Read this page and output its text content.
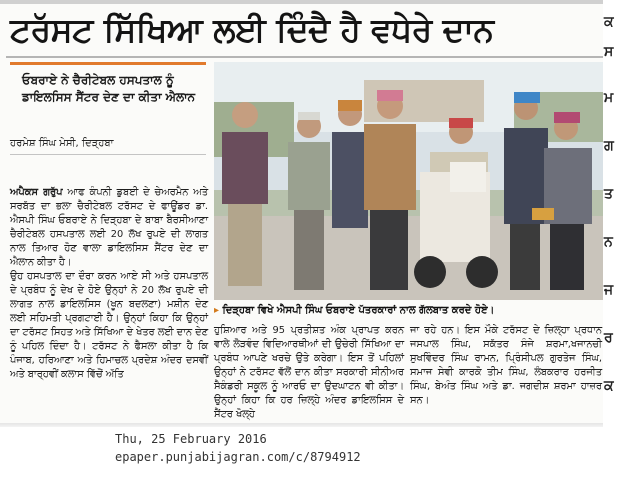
ਟਰੱਸਟ ਸਿੱਖਿਆ ਲਈ ਦਿੰਦੈ ਹੈ ਵਧੇਰੇ ਦਾਨ
ਓਬਰਾਏ ਨੇ ਚੈਰੀਟੇਬਲ ਹਸਪਤਾਲ ਨੂੰ ਡਾਇਲਸਿਸ ਸੈਂਟਰ ਦੇਣ ਦਾ ਕੀਤਾ ਐਲਾਨ
ਹਰਮੇਸ਼ ਸਿੰਘ ਮੇਸੀ, ਦਿੜ੍ਹਬਾ

ਅਪੈਕਸ ਗਰੁੱਪ ਆਫ ਕੰਪਨੀ ਡੁਬਈ ਦੇ ਚੇਅਰਮੈਨ ਅਤੇ ਸਰਬੱਤ ਦਾ ਭਲਾ ਚੈਰੀਟੇਬਲ ਟਰੱਸਟ ਦੇ ਫਾਊਂਡਰ ਡਾ. ਐਸਪੀ ਸਿੰਘ ਓਬਰਾਏ ਨੇ ਦਿੜ੍ਹਬਾ ਦੇ ਬਾਬਾ ਬੈਰਸੀਆਣਾ ਚੈਰੀਟੇਬਲ ਹਸਪਤਾਲ ਲਈ 20 ਲੱਖ ਰੁਪਏ ਦੀ ਲਾਗਤ ਨਾਲ ਤਿਆਰ ਹੋਣ ਵਾਲਾ ਡਾਇਲਸਿਸ ਸੈਂਟਰ ਦੇਣ ਦਾ ਐਲਾਨ ਕੀਤਾ ਹੈ।

ਉਹ ਹਸਪਤਾਲ ਦਾ ਦੌਰਾ ਕਰਨ ਆਏ ਸੀ ਅਤੇ ਹਸਪਤਾਲ ਦੇ ਪ੍ਰਬੰਧ ਨੂੰ ਦੇਖ ਦੇ ਹੋਏ ਉਨ੍ਹਾਂ ਨੇ 20 ਲੱਖ ਰੁਪਏ ਦੀ ਲਾਗਤ ਨਾਲ ਡਾਇਲਸਿਸ (ਖੂਨ ਬਦਲਣਾ) ਮਸ਼ੀਨ ਦੇਣ ਲਈ ਸਹਿਮਤੀ ਪ੍ਰਗਟਾਈ ਹੈ। ਉਨ੍ਹਾਂ ਕਿਹਾ ਕਿ ਉਨ੍ਹਾਂ ਦਾ ਟਰੱਸਟ ਸਿਹਤ ਅਤੇ ਸਿੱਖਿਆ ਦੇ ਖੇਤਰ ਲਈ ਦਾਨ ਦੇਣ ਨੂੰ ਪਹਿਲ ਦਿੰਦਾ ਹੈ। ਟਰੱਸਟ ਨੇ ਫੈਸਲਾ ਕੀਤਾ ਹੈ ਕਿ ਪੰਜਾਬ, ਹਰਿਆਣਾ ਅਤੇ ਹਿਮਾਚਲ ਪ੍ਰਦੇਸ਼ ਅੰਦਰ ਦਸਵੀਂ ਅਤੇ ਬਾਰ੍ਹਵੀਂ ਕਲਾਸ ਵਿੱਚੋਂ ਅੱਤਿ

▸ ਦਿੜ੍ਹਬਾ ਵਿਖੇ ਐਸਪੀ ਸਿੰਘ ਓਬਰਾਏ ਪੱਤਰਕਾਰਾਂ ਨਾਲ ਗੱਲਬਾਤ ਕਰਦੇ ਹੋਏ।

ਹੁਸ਼ਿਆਰ ਅਤੇ 95 ਪ੍ਰਤੀਸ਼ਤ ਅੰਕ ਪ੍ਰਾਪਤ ਕਰਨ ਵਾਲੇ ਲੋੜਵੰਦ ਵਿਦਿਆਰਥੀਆਂ ਦੀ ਉਚੇਰੀ ਸਿੱਖਿਆ ਦਾ ਪ੍ਰਬੰਧ ਆਪਣੇ ਖਰਚੇ ਉਤੇ ਕਰੇਗਾ। ਇਸ ਤੋਂ ਪਹਿਲਾਂ ਉਨ੍ਹਾਂ ਨੇ ਟਰੱਸਟ ਵੱਲੋਂ ਦਾਨ ਕੀਤਾ ਸਰਕਾਰੀ ਸੀਨੀਅਰ ਸੈਕੰਡਰੀ ਸਕੂਲ ਨੂੰ ਆਰਓ ਦਾ ਉਦਘਾਟਨ ਵੀ ਕੀਤਾ। ਉਨ੍ਹਾਂ ਕਿਹਾ ਕਿ ਹਰ ਜ਼ਿਲ੍ਹੇ ਅੰਦਰ ਡਾਇਲਸਿਸ ਦੇ ਸੈਂਟਰ ਖੋਲ੍ਹੇ

ਜਾ ਰਹੇ ਹਨ। ਇਸ ਮੌਕੇ ਟਰੱਸਟ ਦੇ ਜ਼ਿਲ੍ਹਾ ਪ੍ਰਧਾਨ ਜਸਪਾਲ ਸਿੰਘ, ਸਕੱਤਰ ਸੰਜੇ ਸ਼ਰਮਾ,ਖਜਾਨਚੀ ਸੁਖਵਿੰਦਰ ਸਿੰਘ ਰਾਮਨ, ਪ੍ਰਿੰਸੀਪਲ ਗੁਰਤੇਜ ਸਿੰਘ, ਸਮਾਜ ਸੇਵੀ ਕਾਰਕੋ ਤੀਮ ਸਿੰਘ, ਲੰਬਕਰਾਰ ਹਰਜੀਤ ਸਿੰਘ, ਬੇਅੰਤ ਸਿੰਘ ਅਤੇ ਡਾ. ਜਗਦੀਸ਼ ਸ਼ਰਮਾ ਹਾਜ਼ਰ ਸਨ।

ਕ
ਸ
ਮ
ਗ
ਤ
ਨ
ਜ
ਰ
ਕ
Thu, 25 February 2016
epaper.punjabijagran.com/c/8794912
